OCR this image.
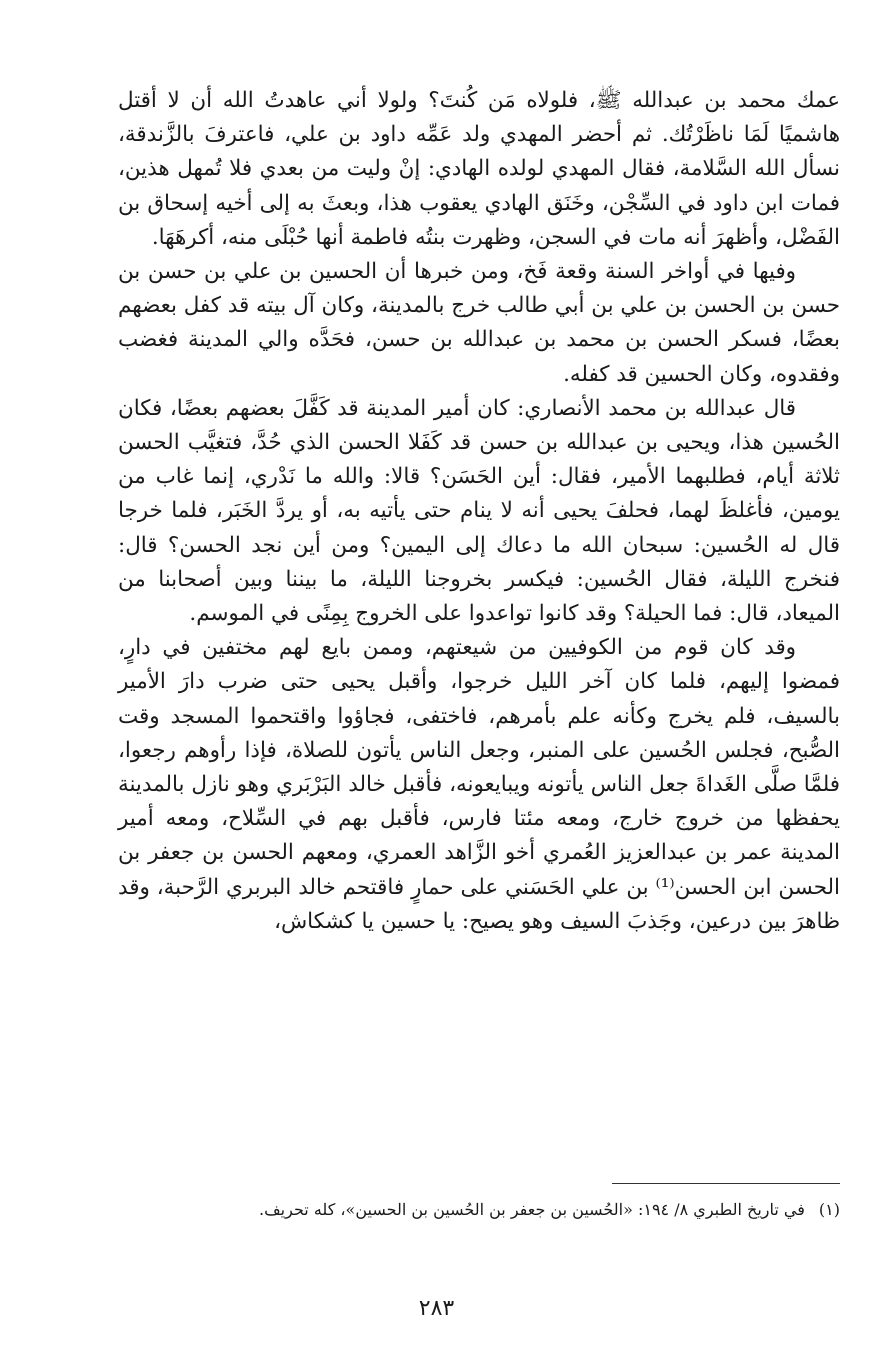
عمك محمد بن عبدالله ﷺ، فلولاه مَن كُنتَ؟ ولولا أني عاهدتُ الله أن لا أقتل هاشميًا لَمَا ناظَرْتُك. ثم أحضر المهدي ولد عَمِّه داود بن علي، فاعترفَ بالزَّندقة، نسأل الله السَّلامة، فقال المهدي لولده الهادي: إنْ وليت من بعدي فلا تُمهل هذين، فمات ابن داود في السِّجْن، وخَنَق الهادي يعقوب هذا، وبعثَ به إلى أخيه إسحاق بن الفَضْل، وأظهرَ أنه مات في السجن، وظهرت بنتُه فاطمة أنها حُبْلَى منه، أكرهَهَا.

وفيها في أواخر السنة وقعة فَخ، ومن خبرها أن الحسين بن علي بن حسن بن حسن بن الحسن بن علي بن أبي طالب خرج بالمدينة، وكان آل بيته قد كفل بعضهم بعضًا، فسكر الحسن بن محمد بن عبدالله بن حسن، فحَدَّه والي المدينة فغضب وفقدوه، وكان الحسين قد كفله.

قال عبدالله بن محمد الأنصاري: كان أمير المدينة قد كَفَّلَ بعضهم بعضًا، فكان الحُسين هذا، ويحيى بن عبدالله بن حسن قد كَفَلا الحسن الذي حُدَّ، فتغيَّب الحسن ثلاثة أيام، فطلبهما الأمير، فقال: أين الحَسَن؟ قالا: والله ما نَدْري، إنما غاب من يومين، فأغلظَ لهما، فحلفَ يحيى أنه لا ينام حتى يأتيه به، أو يردَّ الخَبَر، فلما خرجا قال له الحُسين: سبحان الله ما دعاك إلى اليمين؟ ومن أين نجد الحسن؟ قال: فنخرج الليلة، فقال الحُسين: فيكسر بخروجنا الليلة، ما بيننا وبين أصحابنا من الميعاد، قال: فما الحيلة؟ وقد كانوا تواعدوا على الخروج بِمِنًى في الموسم.

وقد كان قوم من الكوفيين من شيعتهم، وممن بايع لهم مختفين في دارٍ، فمضوا إليهم، فلما كان آخر الليل خرجوا، وأقبل يحيى حتى ضرب دارَ الأمير بالسيف، فلم يخرج وكأنه علم بأمرهم، فاختفى، فجاؤوا واقتحموا المسجد وقت الصُّبح، فجلس الحُسين على المنبر، وجعل الناس يأتون للصلاة، فإذا رأوهم رجعوا، فلمَّا صلَّى الغَداةَ جعل الناس يأتونه ويبايعونه، فأقبل خالد البَرْبَري وهو نازل بالمدينة يحفظها من خروج خارج، ومعه مئتا فارس، فأقبل بهم في السِّلاح، ومعه أمير المدينة عمر بن عبدالعزيز العُمري أخو الزَّاهد العمري، ومعهم الحسن بن جعفر بن الحسن ابن الحسن⁽¹⁾ بن علي الحَسَني على حمارٍ فاقتحم خالد البربري الرَّحبة، وقد ظاهرَ بين درعين، وجَذبَ السيف وهو يصيح: يا حسين يا كشكاش،

(١)في تاريخ الطبري ٨/ ١٩٤: «الحُسين بن جعفر بن الحُسين بن الحسين»، كله تحريف.
٢٨٣
